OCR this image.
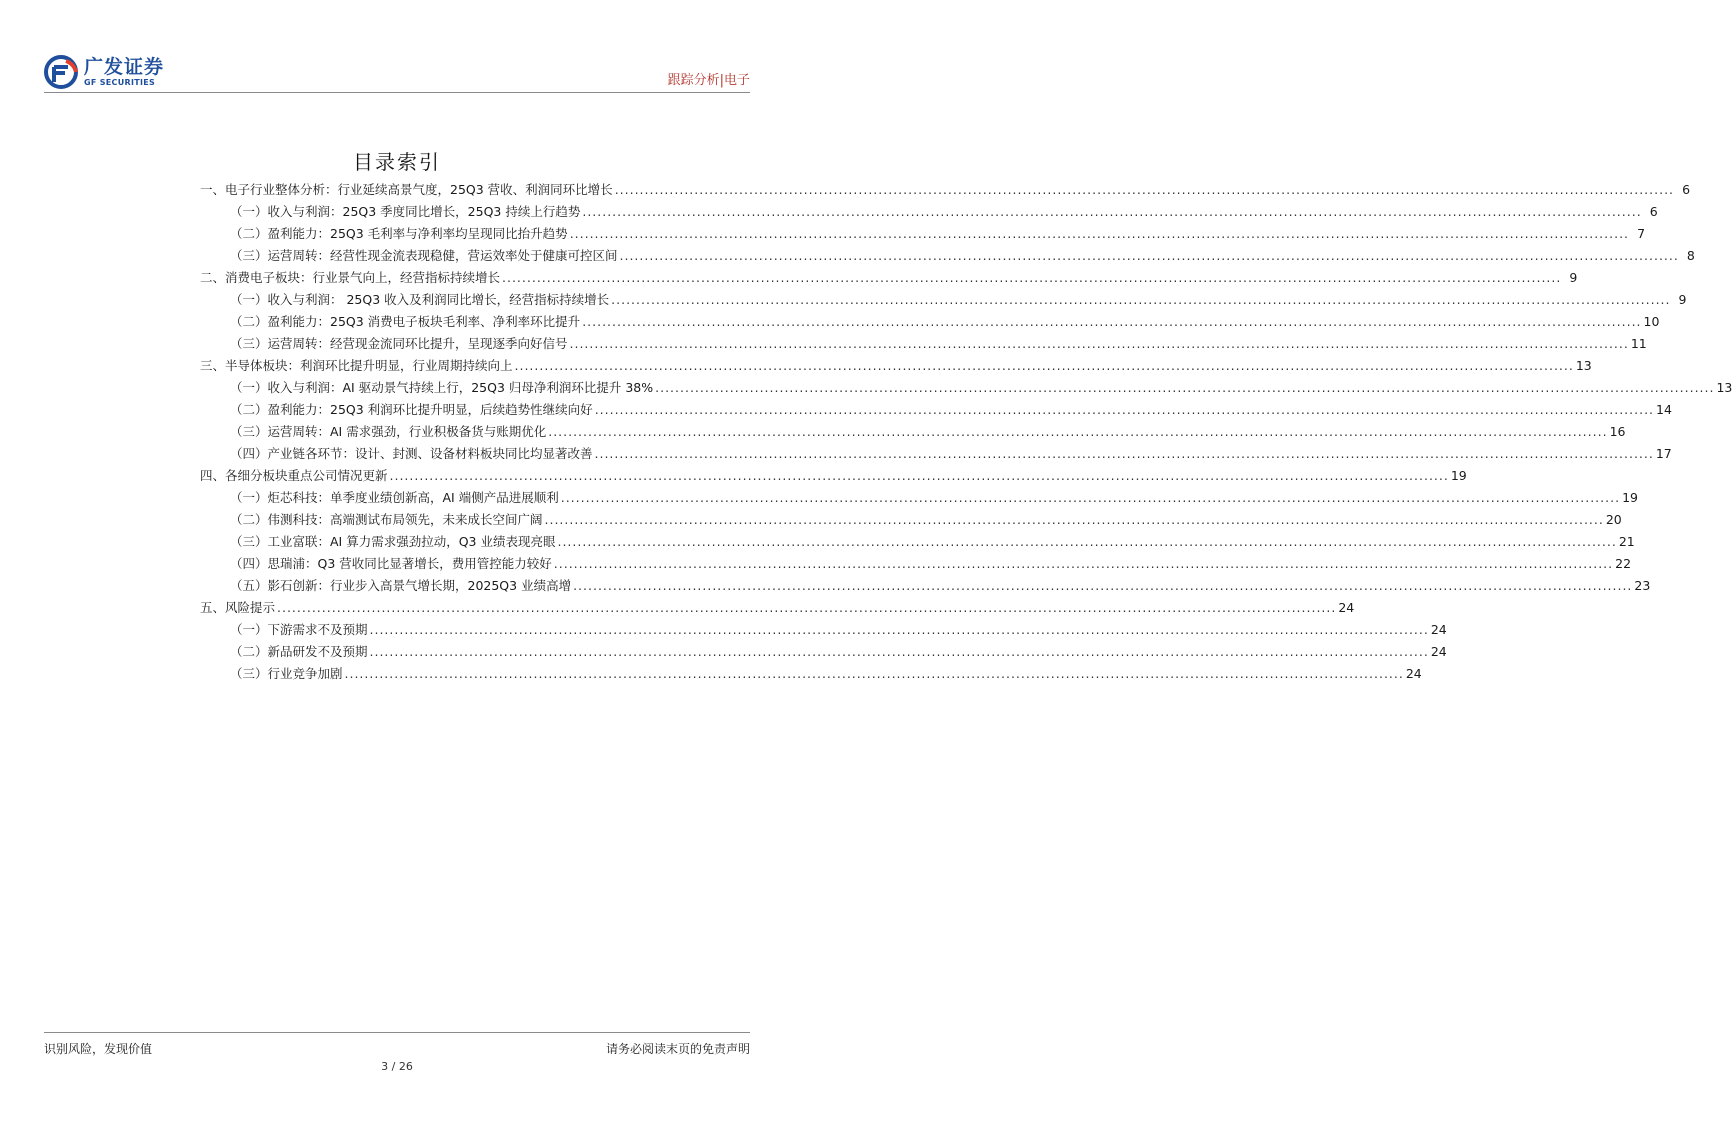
广发证券
GF SECURITIES	跟踪分析|电子
目录索引
一、电子行业整体分析：行业延续高景气度，25Q3 营收、利润同环比增长 .....	6
（一）收入与利润：25Q3 季度同比增长，25Q3 持续上行趋势 .....	6
（二）盈利能力：25Q3 毛利率与净利率均呈现同比抬升趋势 .....	7
（三）运营周转：经营性现金流表现稳健，营运效率处于健康可控区间 .....	8
二、消费电子板块：行业景气向上，经营指标持续增长 .....	9
（一）收入与利润： 25Q3 收入及利润同比增长，经营指标持续增长 .....	9
（二）盈利能力：25Q3 消费电子板块毛利率、净利率环比提升 .....	10
（三）运营周转：经营现金流同环比提升，呈现逐季向好信号 .....	11
三、半导体板块：利润环比提升明显，行业周期持续向上 .....	13
（一）收入与利润：AI 驱动景气持续上行，25Q3 归母净利润环比提升 38% .....	13
（二）盈利能力：25Q3 利润环比提升明显，后续趋势性继续向好 .....	14
（三）运营周转：AI 需求强劲，行业积极备货与账期优化 .....	16
（四）产业链各环节：设计、封测、设备材料板块同比均显著改善 .....	17
四、各细分板块重点公司情况更新 .....	19
（一）炬芯科技：单季度业绩创新高，AI 端侧产品进展顺利 .....	19
（二）伟测科技：高端测试布局领先，未来成长空间广阔 .....	20
（三）工业富联：AI 算力需求强劲拉动，Q3 业绩表现亮眼 .....	21
（四）思瑞浦：Q3 营收同比显著增长，费用管控能力较好 .....	22
（五）影石创新：行业步入高景气增长期，2025Q3 业绩高增 .....	23
五、风险提示 .....	24
（一）下游需求不及预期 .....	24
（二）新品研发不及预期 .....	24
（三）行业竞争加剧 .....	24
识别风险，发现价值	请务必阅读末页的免责声明
3 / 26
